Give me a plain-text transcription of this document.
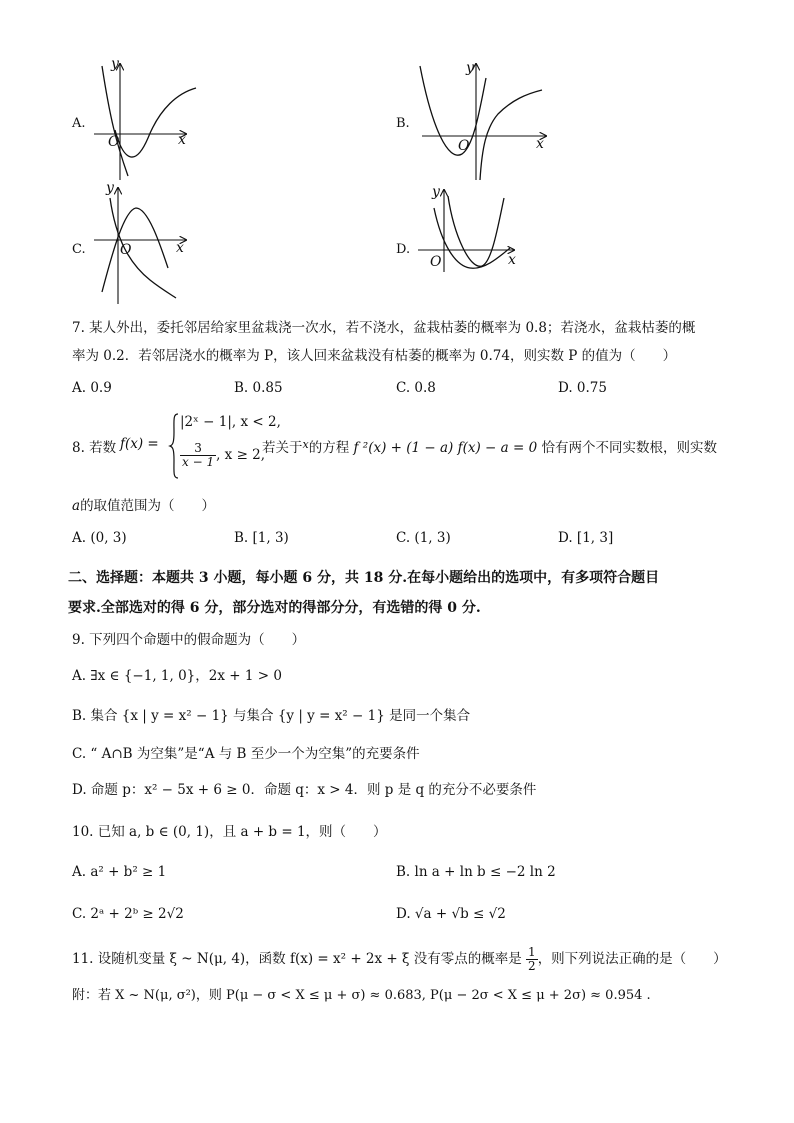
A.
O	x
y
B.
O	x
y
C. O	x
y
D.
O	x
y
7. 某人外出，委托邻居给家里盆栽浇一次水，若不浇水，盆栽枯萎的概率为 0.8；若浇水，盆栽枯萎的概
率为 0.2．若邻居浇水的概率为 P，该人回来盆栽没有枯萎的概率为 0.74，则实数 P 的值为（　　）
A. 0.9	B. 0.85	C. 0.8	D. 0.75
8. 若数 f(x) =
|2ˣ − 1|, x < 2,
$\frac{3}{x - 1}$ , x ≥ 2,
若关于$^x$的方程 f ²(x) + (1 − a) f(x) − a = 0 恰有两个不同实数根，则实数
a的取值范围为（　　）
A. (0, 3)	B. [1, 3)	C. (1, 3)	D. [1, 3]
二、选择题：本题共 3 小题，每小题 6 分，共 18 分.在每小题给出的选项中，有多项符合题目
要求.全部选对的得 6 分，部分选对的得部分分，有选错的得 0 分.
9. 下列四个命题中的假命题为（　　）
A. ∃x ∈ {−1, 1, 0}，2x + 1 > 0
B. 集合 {x | y = x² − 1} 与集合 {y | y = x² − 1} 是同一个集合
C. “ A∩B 为空集”是“A 与 B 至少一个为空集”的充要条件
D. 命题 p：x² − 5x + 6 ≥ 0．命题 q：x > 4．则 p 是 q 的充分不必要条件
10. 已知 a, b ∈ (0, 1)，且 a + b = 1，则（　　）
A. a² + b² ≥ 1	B. ln a + ln b ≤ −2 ln 2
C. 2ᵃ + 2ᵇ ≥ 2√2	D. √a + √b ≤ √2
11. 设随机变量 ξ ~ N(μ, 4)，函数 f(x) = x² + 2x + ξ 没有零点的概率是 $\frac{1}{2}$ ，则下列说法正确的是（　　）
附：若 X ~ N(μ, σ²)，则 P(μ − σ < X ≤ μ + σ) ≈ 0.683, P(μ − 2σ < X ≤ μ + 2σ) ≈ 0.954 .
